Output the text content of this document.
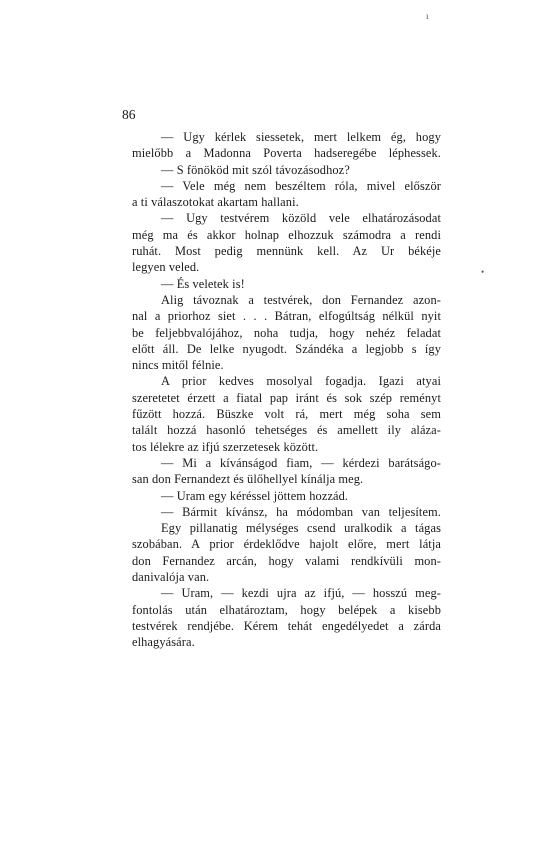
ı
•
86
— Ugy kérlek siessetek, mert lelkem ég, hogy
mielőbb a Madonna Poverta hadseregébe léphessek.
— S fönököd mit szól távozásodhoz?
— Vele még nem beszéltem róla, mivel először
a ti válaszotokat akartam hallani.
— Ugy testvérem közöld vele elhatározásodat
még ma és akkor holnap elhozzuk számodra a rendi
ruhát. Most pedig mennünk kell. Az Ur békéje
legyen veled.
— És veletek is!
Alig távoznak a testvérek, don Fernandez azon-
nal a priorhoz siet . . . Bátran, elfogúltság nélkül nyit
be feljebbvalójához, noha tudja, hogy nehéz feladat
előtt áll. De lelke nyugodt. Szándéka a legjobb s így
nincs mitől félnie.
A prior kedves mosolyal fogadja. Igazi atyai
szeretetet érzett a fiatal pap iránt és sok szép reményt
fűzött hozzá. Büszke volt rá, mert még soha sem
talált hozzá hasonló tehetséges és amellett ily aláza-
tos lélekre az ifjú szerzetesek között.
— Mi a kívánságod fiam, — kérdezi barátságo-
san don Fernandezt és ülőhellyel kínálja meg.
— Uram egy kéréssel jöttem hozzád.
— Bármit kívánsz, ha módomban van teljesítem.
Egy pillanatig mélységes csend uralkodik a tágas
szobában. A prior érdeklődve hajolt előre, mert látja
don Fernandez arcán, hogy valami rendkívüli mon-
danivalója van.
— Uram, — kezdi ujra az ifjú, — hosszú meg-
fontolás után elhatároztam, hogy belépek a kisebb
testvérek rendjébe. Kérem tehát engedélyedet a zárda
elhagyására.
